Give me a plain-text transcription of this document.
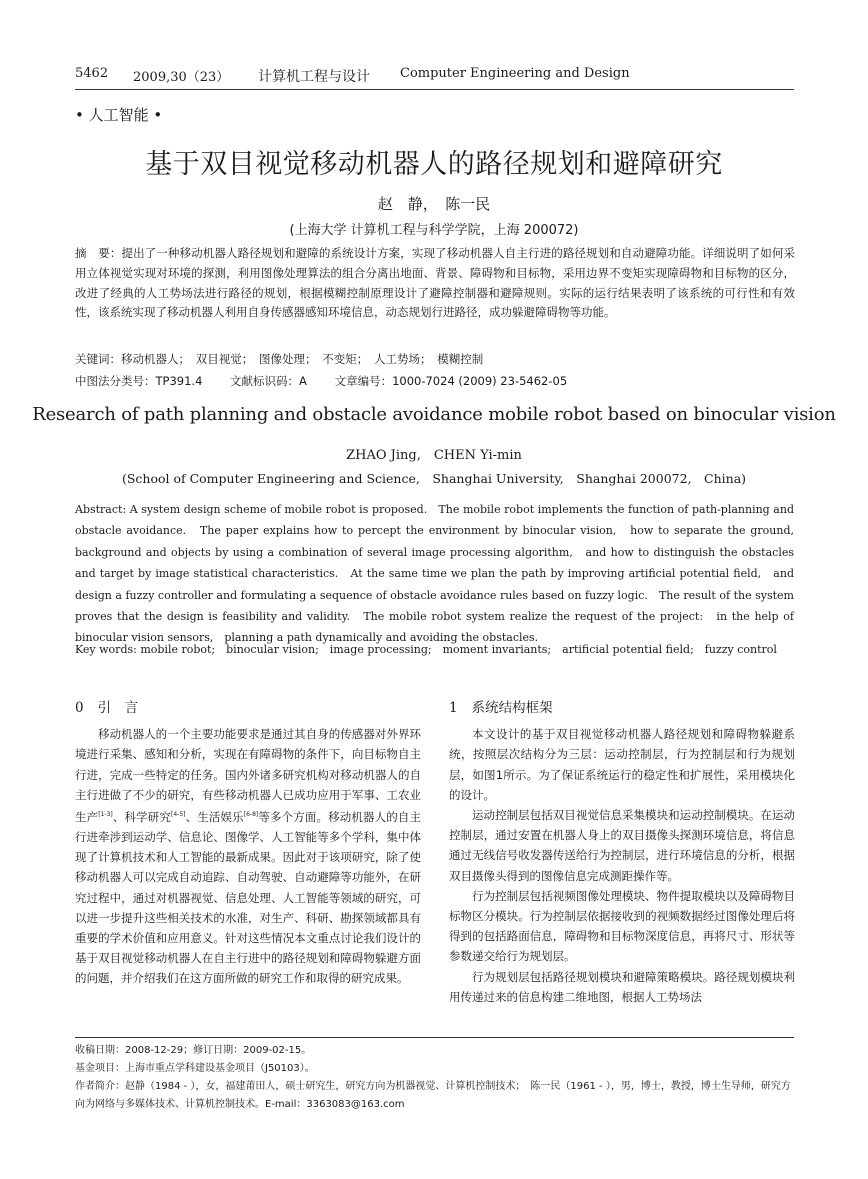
5462 2009,30（23） 计算机工程与设计 Computer Engineering and Design
• 人工智能 •
基于双目视觉移动机器人的路径规划和避障研究
赵　静，　陈一民
(上海大学 计算机工程与科学学院，上海 200072)
摘　要：提出了一种移动机器人路径规划和避障的系统设计方案，实现了移动机器人自主行进的路径规划和自动避障功能。详细说明了如何采用立体视觉实现对环境的探测，利用图像处理算法的组合分离出地面、背景、障碍物和目标物，采用边界不变矩实现障碍物和目标物的区分，改进了经典的人工势场法进行路径的规划，根据模糊控制原理设计了避障控制器和避障规则。实际的运行结果表明了该系统的可行性和有效性，该系统实现了移动机器人利用自身传感器感知环境信息，动态规划行进路径，成功躲避障碍物等功能。
关键词：移动机器人；　双目视觉；　图像处理；　不变矩；　人工势场；　模糊控制
中图法分类号：TP391.4 文献标识码：A 文章编号：1000-7024 (2009) 23-5462-05
Research of path planning and obstacle avoidance mobile robot based on binocular vision
ZHAO Jing,　CHEN Yi-min
(School of Computer Engineering and Science,　Shanghai University,　Shanghai 200072,　China)
Abstract: A system design scheme of mobile robot is proposed.　The mobile robot implements the function of path-planning and obstacle avoidance.　The paper explains how to percept the environment by binocular vision,　how to separate the ground,　background and objects by using a combination of several image processing algorithm,　and how to distinguish the obstacles and target by image statistical characteristics.　At the same time we plan the path by improving artificial potential field,　and design a fuzzy controller and formulating a sequence of obstacle avoidance rules based on fuzzy logic.　The result of the system proves that the design is feasibility and validity.　The mobile robot system realize the request of the project:　in the help of binocular vision sensors,　planning a path dynamically and avoiding the obstacles.
Key words: mobile robot;　binocular vision;　image processing;　moment invariants;　artificial potential field;　fuzzy control
0 引　言

移动机器人的一个主要功能要求是通过其自身的传感器对外界环境进行采集、感知和分析，实现在有障碍物的条件下，向目标物自主行进，完成一些特定的任务。国内外诸多研究机构对移动机器人的自主行进做了不少的研究，有些移动机器人已成功应用于军事、工农业生产[1-3]、科学研究[4-5]、生活娱乐[6-8]等多个方面。移动机器人的自主行进牵涉到运动学、信息论、图像学、人工智能等多个学科，集中体现了计算机技术和人工智能的最新成果。因此对于该项研究，除了使移动机器人可以完成自动追踪、自动驾驶、自动避障等功能外，在研究过程中，通过对机器视觉、信息处理、人工智能等领域的研究，可以进一步提升这些相关技术的水准，对生产、科研、勘探领域都具有重要的学术价值和应用意义。针对这些情况本文重点讨论我们设计的基于双目视觉移动机器人在自主行进中的路径规划和障碍物躲避方面的问题，并介绍我们在这方面所做的研究工作和取得的研究成果。

1 系统结构框架

本文设计的基于双目视觉移动机器人路径规划和障碍物躲避系统，按照层次结构分为三层：运动控制层，行为控制层和行为规划层，如图1所示。为了保证系统运行的稳定性和扩展性，采用模块化的设计。

运动控制层包括双目视觉信息采集模块和运动控制模块。在运动控制层，通过安置在机器人身上的双目摄像头探测环境信息，将信息通过无线信号收发器传送给行为控制层，进行环境信息的分析，根据双目摄像头得到的图像信息完成测距操作等。

行为控制层包括视频图像处理模块、物件提取模块以及障碍物目标物区分模块。行为控制层依据接收到的视频数据经过图像处理后将得到的包括路面信息，障碍物和目标物深度信息，再将尺寸、形状等参数递交给行为规划层。

行为规划层包括路径规划模块和避障策略模块。路径规划模块利用传递过来的信息构建二维地图，根据人工势场法

收稿日期：2008-12-29；修订日期：2009-02-15。
基金项目：上海市重点学科建设基金项目（J50103）。
作者简介：赵静（1984 - ），女，福建莆田人，硕士研究生，研究方向为机器视觉、计算机控制技术；　陈一民（1961 - ），男，博士，教授，博士生导师，研究方向为网络与多媒体技术、计算机控制技术。E-mail：3363083@163.com
